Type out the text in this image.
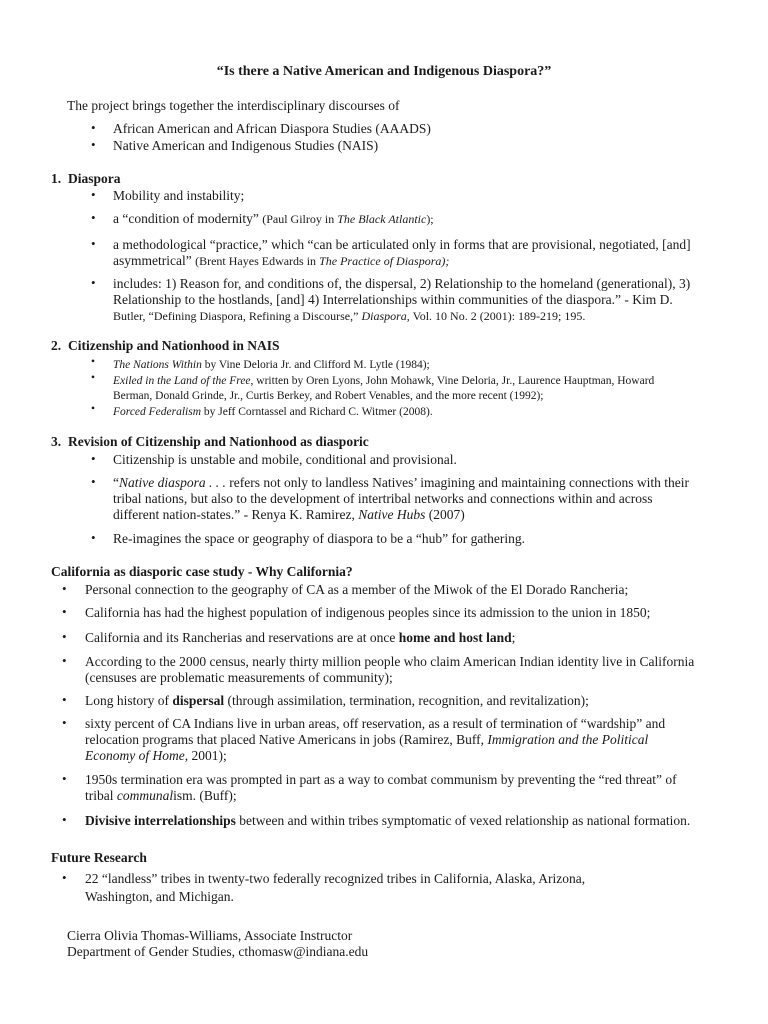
“Is there a Native American and Indigenous Diaspora?”
The project brings together the interdisciplinary discourses of
• African American and African Diaspora Studies (AAADS)
• Native American and Indigenous Studies (NAIS)
1. Diaspora
• Mobility and instability;
• a “condition of modernity” (Paul Gilroy in The Black Atlantic);
• a methodological “practice,” which “can be articulated only in forms that are provisional, negotiated, [and]
asymmetrical” (Brent Hayes Edwards in The Practice of Diaspora);
• includes: 1) Reason for, and conditions of, the dispersal, 2) Relationship to the homeland (generational), 3)
Relationship to the hostlands, [and] 4) Interrelationships within communities of the diaspora.” - Kim D.
Butler, “Defining Diaspora, Refining a Discourse,” Diaspora, Vol. 10 No. 2 (2001): 189-219; 195.
2. Citizenship and Nationhood in NAIS
• The Nations Within by Vine Deloria Jr. and Clifford M. Lytle (1984);
• Exiled in the Land of the Free, written by Oren Lyons, John Mohawk, Vine Deloria, Jr., Laurence Hauptman, Howard
Berman, Donald Grinde, Jr., Curtis Berkey, and Robert Venables, and the more recent (1992);
• Forced Federalism by Jeff Corntassel and Richard C. Witmer (2008).
3. Revision of Citizenship and Nationhood as diasporic
• Citizenship is unstable and mobile, conditional and provisional.
• “Native diaspora . . . refers not only to landless Natives’ imagining and maintaining connections with their
tribal nations, but also to the development of intertribal networks and connections within and across
different nation-states.” - Renya K. Ramirez, Native Hubs (2007)
• Re-imagines the space or geography of diaspora to be a “hub” for gathering.
California as diasporic case study - Why California?
• Personal connection to the geography of CA as a member of the Miwok of the El Dorado Rancheria;
• California has had the highest population of indigenous peoples since its admission to the union in 1850;
• California and its Rancherias and reservations are at once home and host land;
• According to the 2000 census, nearly thirty million people who claim American Indian identity live in California
(censuses are problematic measurements of community);
• Long history of dispersal (through assimilation, termination, recognition, and revitalization);
• sixty percent of CA Indians live in urban areas, off reservation, as a result of termination of “wardship” and
relocation programs that placed Native Americans in jobs (Ramirez, Buff, Immigration and the Political
Economy of Home, 2001);
• 1950s termination era was prompted in part as a way to combat communism by preventing the “red threat” of
tribal communalism. (Buff);
• Divisive interrelationships between and within tribes symptomatic of vexed relationship as national formation.
Future Research
• 22 “landless” tribes in twenty-two federally recognized tribes in California, Alaska, Arizona,
Washington, and Michigan.
Cierra Olivia Thomas-Williams, Associate Instructor
Department of Gender Studies, cthomasw@indiana.edu
